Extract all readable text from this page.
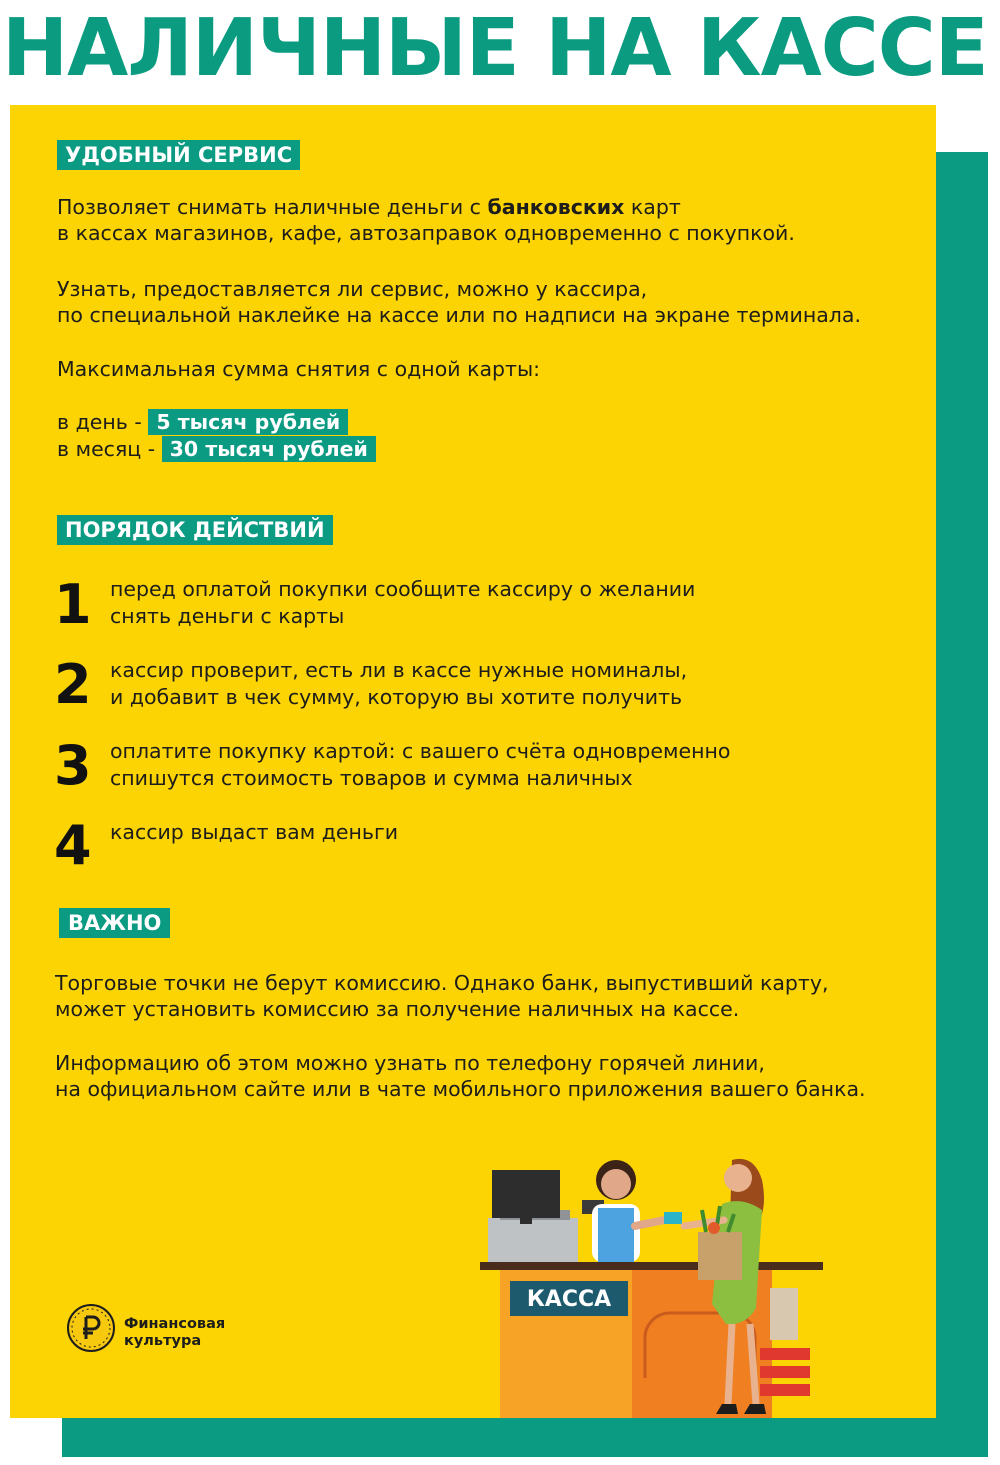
НАЛИЧНЫЕ НА КАССЕ
УДОБНЫЙ СЕРВИС

Позволяет снимать наличные деньги с банковских карт

в кассах магазинов, кафе, автозаправок одновременно с покупкой.

Узнать, предоставляется ли сервис, можно у кассира,

по специальной наклейке на кассе или по надписи на экране терминала.

Максимальная сумма снятия с одной карты:

в день - 5 тысяч рублей

в месяц - 30 тысяч рублей

ПОРЯДОК ДЕЙСТВИЙ
1 перед оплатой покупки сообщите кассиру о желании

снять деньги с карты

2 кассир проверит, есть ли в кассе нужные номиналы,

и добавит в чек сумму, которую вы хотите получить

3 оплатите покупку картой: с вашего счёта одновременно

спишутся стоимость товаров и сумма наличных

4 кассир выдаст вам деньги

ВАЖНО

Торговые точки не берут комиссию. Однако банк, выпустивший карту,

может установить комиссию за получение наличных на кассе.

Информацию об этом можно узнать по телефону горячей линии,

на официальном сайте или в чате мобильного приложения вашего банка.

Финансовая
культура
КАССА
